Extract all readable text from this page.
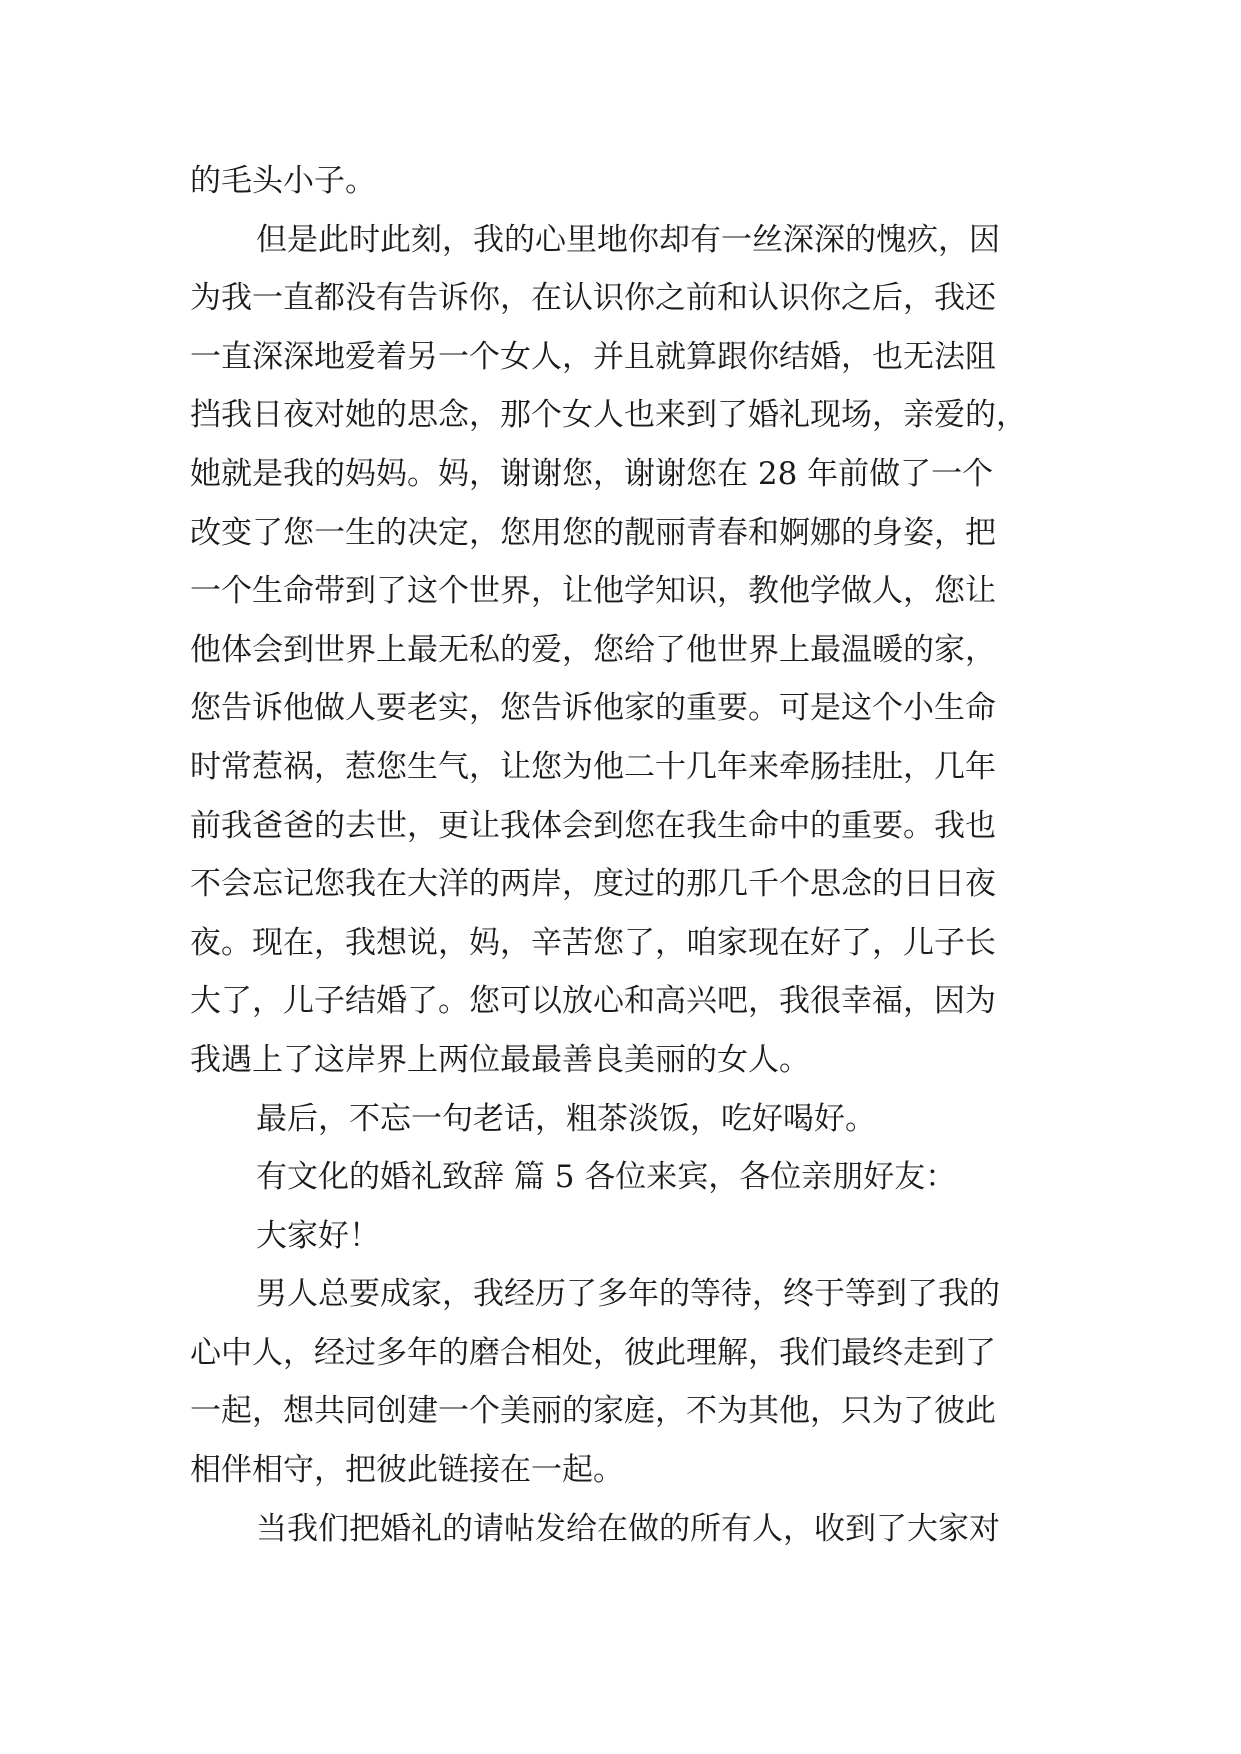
的毛头小子。
但是此时此刻，我的心里地你却有一丝深深的愧疚，因
为我一直都没有告诉你，在认识你之前和认识你之后，我还
一直深深地爱着另一个女人，并且就算跟你结婚，也无法阻
挡我日夜对她的思念，那个女人也来到了婚礼现场，亲爱的，
她就是我的妈妈。妈，谢谢您，谢谢您在 28 年前做了一个
改变了您一生的决定，您用您的靓丽青春和婀娜的身姿，把
一个生命带到了这个世界，让他学知识，教他学做人，您让
他体会到世界上最无私的爱，您给了他世界上最温暖的家，
您告诉他做人要老实，您告诉他家的重要。可是这个小生命
时常惹祸，惹您生气，让您为他二十几年来牵肠挂肚，几年
前我爸爸的去世，更让我体会到您在我生命中的重要。我也
不会忘记您我在大洋的两岸，度过的那几千个思念的日日夜
夜。现在，我想说，妈，辛苦您了，咱家现在好了，儿子长
大了，儿子结婚了。您可以放心和高兴吧，我很幸福，因为
我遇上了这岸界上两位最最善良美丽的女人。
最后，不忘一句老话，粗茶淡饭，吃好喝好。
有文化的婚礼致辞 篇 5 各位来宾，各位亲朋好友：
大家好！
男人总要成家，我经历了多年的等待，终于等到了我的
心中人，经过多年的磨合相处，彼此理解，我们最终走到了
一起，想共同创建一个美丽的家庭，不为其他，只为了彼此
相伴相守，把彼此链接在一起。
当我们把婚礼的请帖发给在做的所有人，收到了大家对
